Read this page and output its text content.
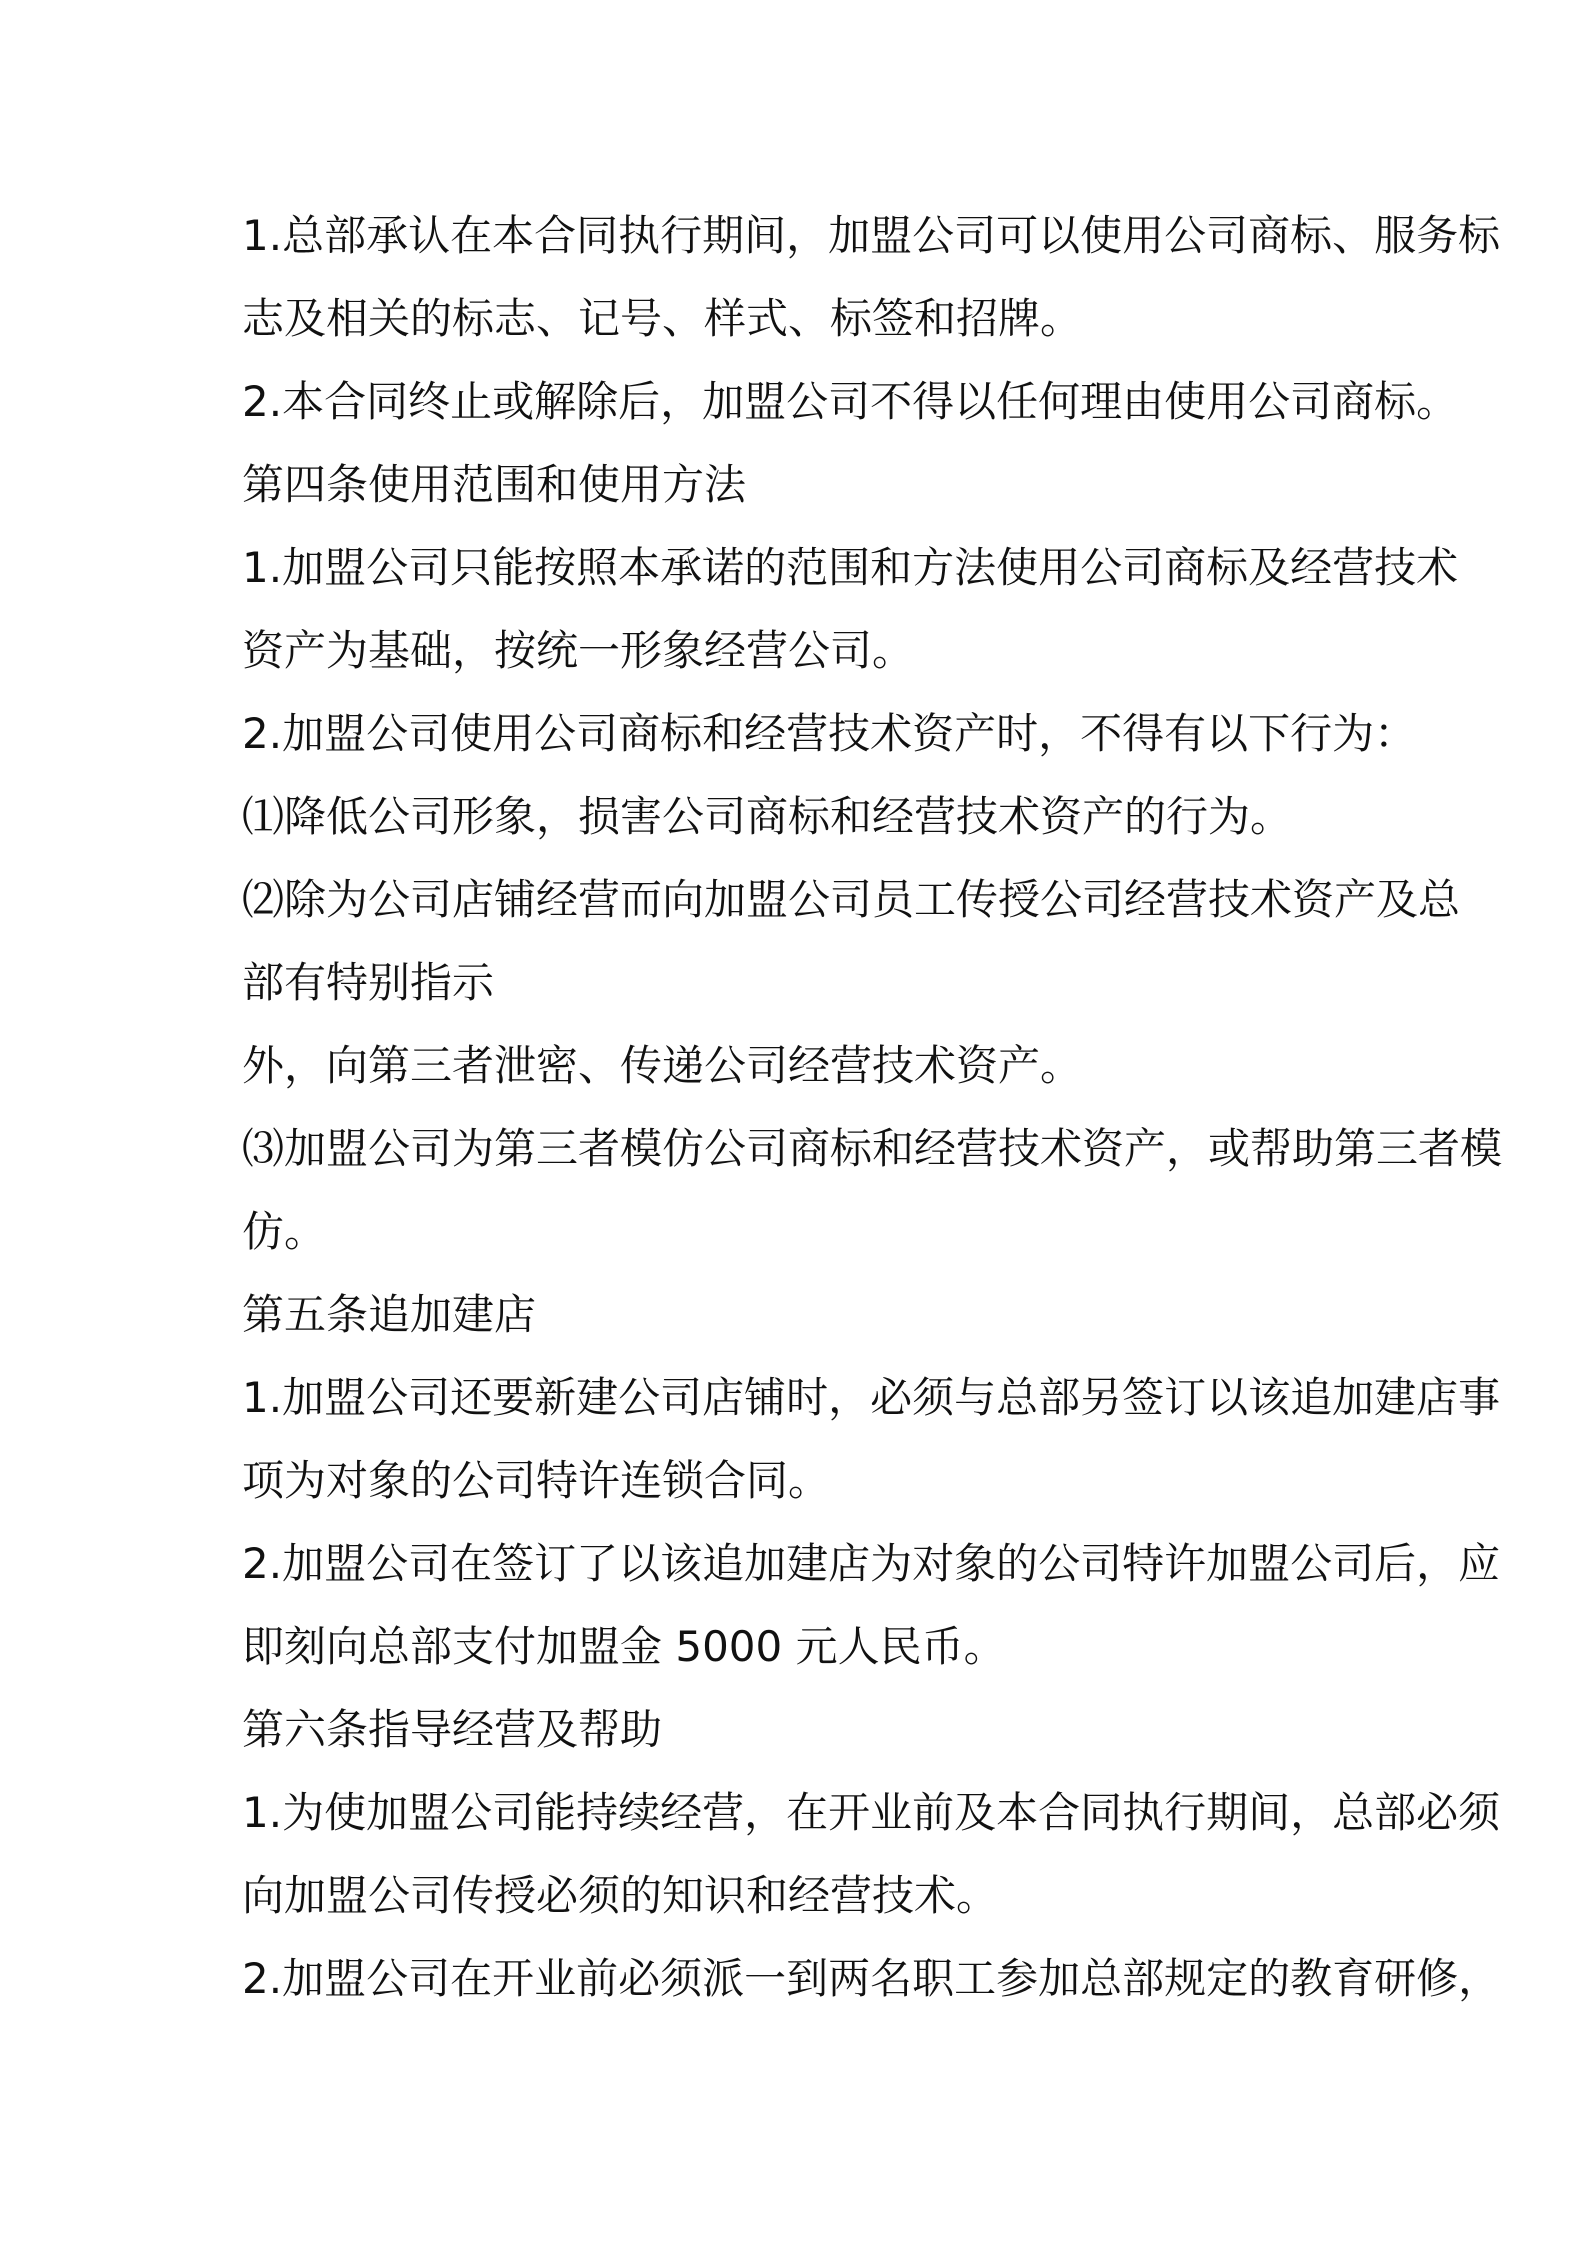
1.总部承认在本合同执行期间，加盟公司可以使用公司商标、服务标

志及相关的标志、记号、样式、标签和招牌。

2.本合同终止或解除后，加盟公司不得以任何理由使用公司商标。

第四条使用范围和使用方法

1.加盟公司只能按照本承诺的范围和方法使用公司商标及经营技术

资产为基础，按统一形象经营公司。

2.加盟公司使用公司商标和经营技术资产时，不得有以下行为：

⑴降低公司形象，损害公司商标和经营技术资产的行为。

⑵除为公司店铺经营而向加盟公司员工传授公司经营技术资产及总

部有特别指示

外，向第三者泄密、传递公司经营技术资产。

⑶加盟公司为第三者模仿公司商标和经营技术资产，或帮助第三者模

仿。

第五条追加建店

1.加盟公司还要新建公司店铺时，必须与总部另签订以该追加建店事

项为对象的公司特许连锁合同。

2.加盟公司在签订了以该追加建店为对象的公司特许加盟公司后，应

即刻向总部支付加盟金 5000 元人民币。

第六条指导经营及帮助

1.为使加盟公司能持续经营，在开业前及本合同执行期间，总部必须

向加盟公司传授必须的知识和经营技术。

2.加盟公司在开业前必须派一到两名职工参加总部规定的教育研修，
